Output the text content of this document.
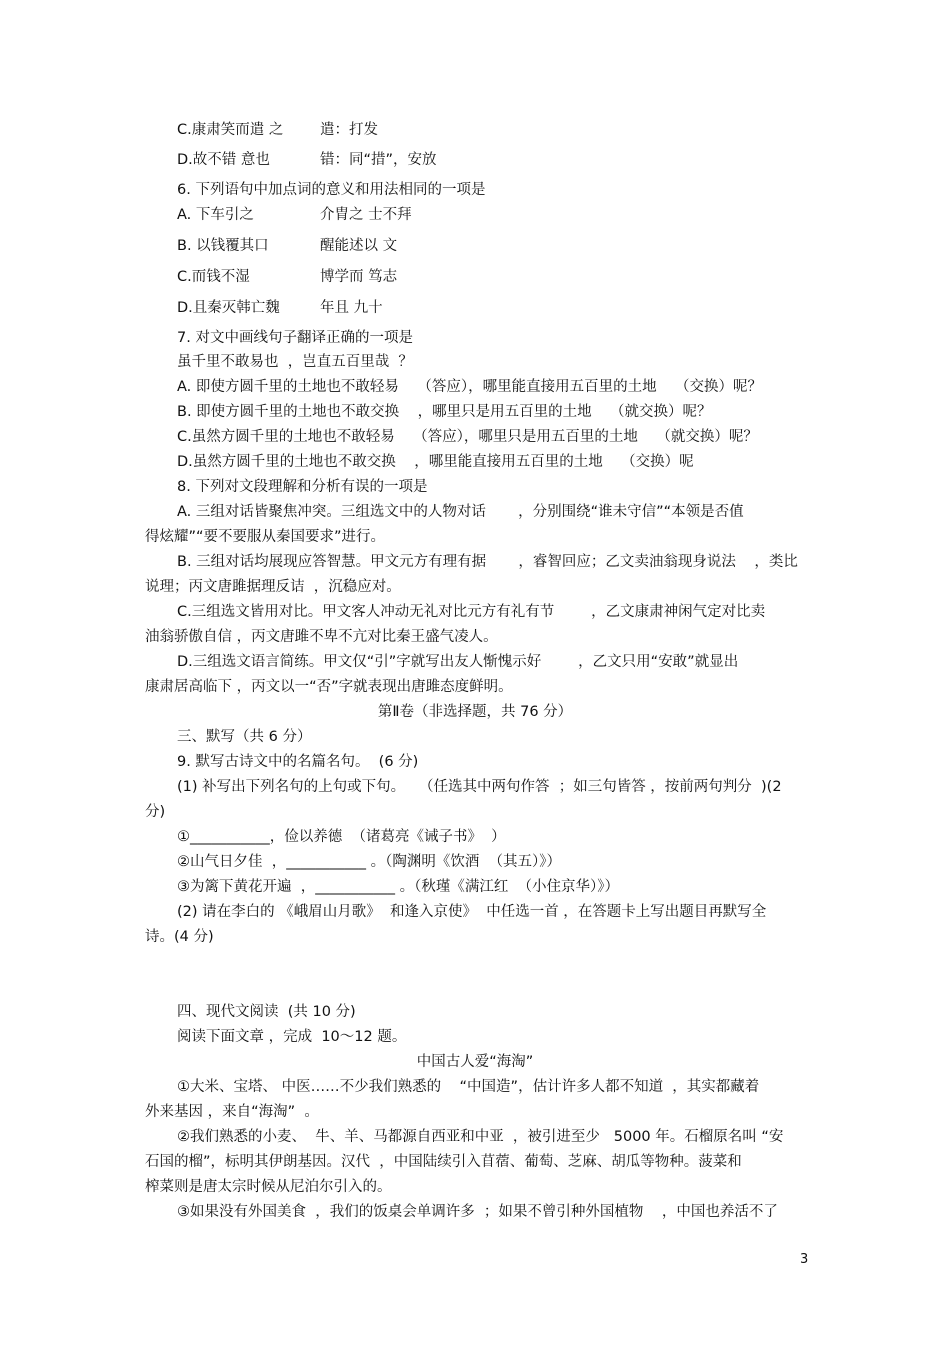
C.康肃笑而遣 之	遣：打发
D.故不错 意也	错：同“措”，安放
6. 下列语句中加点词的意义和用法相同的一项是
A. 下车引之	介胄之 士不拜
B. 以钱覆其口	醒能述以 文
C.而钱不湿	博学而 笃志
D.且秦灭韩亡魏	年且 九十
7. 对文中画线句子翻译正确的一项是
虽千里不敢易也  ，岂直五百里哉  ？
A. 即使方圆千里的土地也不敢轻易    （答应），哪里能直接用五百里的土地    （交换）呢？
B. 即使方圆千里的土地也不敢交换    ，哪里只是用五百里的土地    （就交换）呢？
C.虽然方圆千里的土地也不敢轻易    （答应），哪里只是用五百里的土地    （就交换）呢？
D.虽然方圆千里的土地也不敢交换    ，哪里能直接用五百里的土地    （交换）呢
8. 下列对文段理解和分析有误的一项是
A. 三组对话皆聚焦冲突。三组选文中的人物对话       ，分别围绕“谁未守信”“本领是否值
得炫耀”“要不要服从秦国要求”进行。
B. 三组对话均展现应答智慧。甲文元方有理有据       ，睿智回应；乙文卖油翁现身说法    ，类比
说理；丙文唐雎据理反诘  ，沉稳应对。
C.三组选文皆用对比。甲文客人冲动无礼对比元方有礼有节        ，乙文康肃神闲气定对比卖
油翁骄傲自信 ，丙文唐雎不卑不亢对比秦王盛气凌人。
D.三组选文语言简练。甲文仅“引”字就写出友人惭愧示好        ，乙文只用“安敢”就显出
康肃居高临下 ，丙文以一“否”字就表现出唐雎态度鲜明。
第Ⅱ卷（非选择题，共 76 分）
三、默写（共 6 分）
9. 默写古诗文中的名篇名句。  (6 分)
(1) 补写出下列名句的上句或下句。   （任选其中两句作答  ；如三句皆答 ，按前两句判分  )(2
分)
①___________，俭以养德  （诸葛亮《诫子书》  ）
②山气日夕佳  ，___________ 。（陶渊明《饮酒  （其五）》）
③为篱下黄花开遍  ，___________ 。（秋瑾《满江红  （小住京华）》）
(2) 请在李白的 《峨眉山月歌》  和逢入京使》  中任选一首 ，在答题卡上写出题目再默写全
诗。(4 分)
四、现代文阅读  (共 10 分)
阅读下面文章 ，完成  10～12 题。
中国古人爱“海淘”
①大米、宝塔、 中医……不少我们熟悉的    “中国造”，估计许多人都不知道  ，其实都藏着
外来基因 ，来自“海淘”  。
②我们熟悉的小麦、  牛、羊、马都源自西亚和中亚  ，被引进至少   5000 年。石榴原名叫 “安
石国的榴”，标明其伊朗基因。汉代  ，中国陆续引入苜蓿、葡萄、芝麻、胡瓜等物种。菠菜和
榨菜则是唐太宗时候从尼泊尔引入的。
③如果没有外国美食  ，我们的饭桌会单调许多  ；如果不曾引种外国植物    ，中国也养活不了
3
